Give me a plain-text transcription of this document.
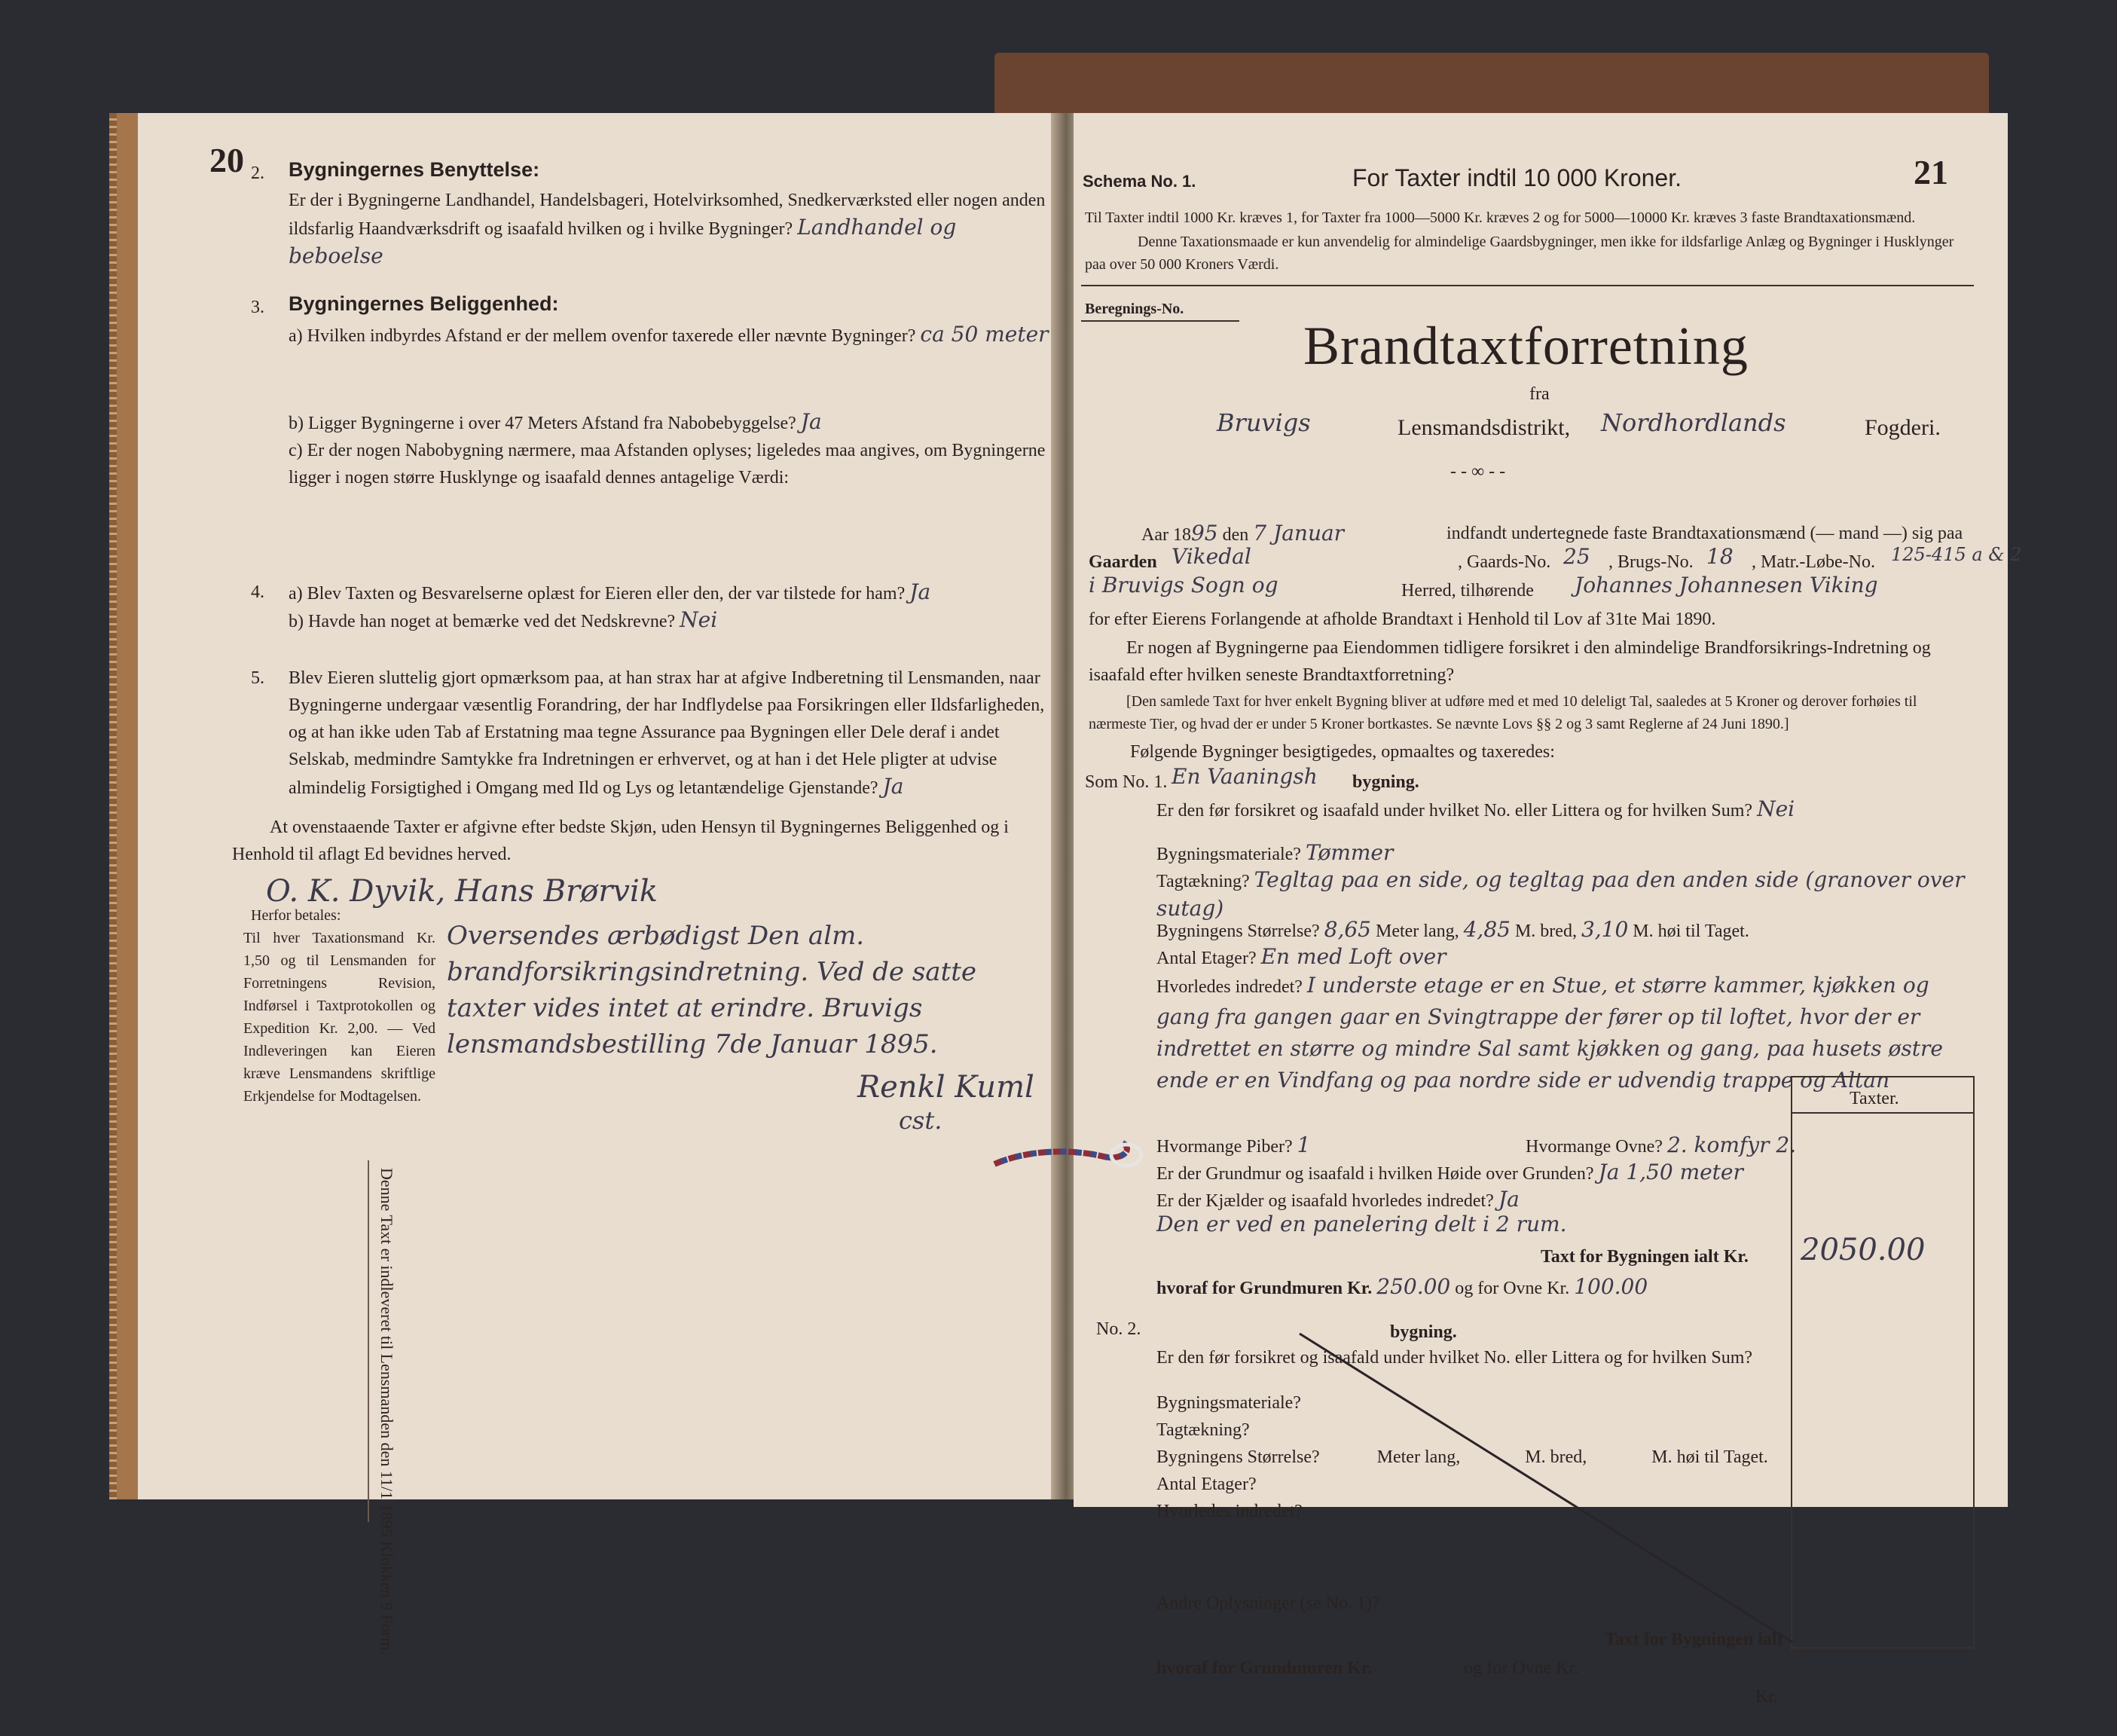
20 2. Bygningernes Benyttelse:
Er der i Bygningerne Landhandel, Handelsbageri, Hotelvirksomhed, Snedkerværksted eller nogen anden ildsfarlig Haandværksdrift og isaafald hvilken og i hvilke Bygninger? Landhandel og beboelse
3. Bygningernes Beliggenhed:
a) Hvilken indbyrdes Afstand er der mellem ovenfor taxerede eller nævnte Bygninger? ca 50 meter
b) Ligger Bygningerne i over 47 Meters Afstand fra Nabobebyggelse? Ja
c) Er der nogen Nabobygning nærmere, maa Afstanden oplyses; ligeledes maa angives, om Bygningerne ligger i nogen større Husklynge og isaafald dennes antagelige Værdi:
4. a) Blev Taxten og Besvarelserne oplæst for Eieren eller den, der var tilstede for ham? Ja
b) Havde han noget at bemærke ved det Nedskrevne? Nei
5. Blev Eieren sluttelig gjort opmærksom paa, at han strax har at afgive Indberetning til Lensmanden, naar Bygningerne undergaar væsentlig Forandring, der har Indflydelse paa Forsikringen eller Ildsfarligheden, og at han ikke uden Tab af Erstatning maa tegne Assurance paa Bygningen eller Dele deraf i andet Selskab, medmindre Samtykke fra Indretningen er erhvervet, og at han i det Hele pligter at udvise almindelig Forsigtighed i Omgang med Ild og Lys og letantændelige Gjenstande? Ja
At ovenstaaende Taxter er afgivne efter bedste Skjøn, uden Hensyn til Bygningernes Beliggenhed og i Henhold til aflagt Ed bevidnes herved.
O. K. Dyvik, Hans Brørvik
Herfor betales:
Til hver Taxationsmand Kr. 1,50 og til Lensmanden for Forretningens Revision, Indførsel i Taxtprotokollen og Expedition Kr. 2,00. — Ved Indleveringen kan Eieren kræve Lensmandens skriftlige Erkjendelse for Modtagelsen.
Oversendes ærbødigst Den alm. brandforsikringsindretning. Ved de satte taxter vides intet at erindre. Bruvigs lensmandsbestilling 7de Januar 1895.
Renkl Kuml
cst.
Denne Taxt er indleveret til Lensmanden den 11/1 1895 Klokken 9 Form.
Schema No. 1.	For Taxter indtil 10 000 Kroner.	21
Til Taxter indtil 1000 Kr. kræves 1, for Taxter fra 1000—5000 Kr. kræves 2 og for 5000—10000 Kr. kræves 3 faste Brandtaxationsmænd.
Denne Taxationsmaade er kun anvendelig for almindelige Gaardsbygninger, men ikke for ildsfarlige Anlæg og Bygninger i Husklynger paa over 50 000 Kroners Værdi.
Beregnings-No.
Brandtaxtforretning
fra
Bruvigs	Lensmandsdistrikt, Nordhordlands	Fogderi.
- - ∞ - -
Aar 1895 den 7 Januar	indfandt undertegnede faste Brandtaxationsmænd (— mand —) sig paa
Gaarden Vikedal	, Gaards-No. 25 , Brugs-No. 18 , Matr.-Løbe-No. 125-415 a & 2
i Bruvigs Sogn og	Herred, tilhørende Johannes Johannesen Viking
for efter Eierens Forlangende at afholde Brandtaxt i Henhold til Lov af 31te Mai 1890.
Er nogen af Bygningerne paa Eiendommen tidligere forsikret i den almindelige Brandforsikrings-Indretning og isaafald efter hvilken seneste Brandtaxtforretning?
[Den samlede Taxt for hver enkelt Bygning bliver at udføre med et med 10 deleligt Tal, saaledes at 5 Kroner og derover forhøies til nærmeste Tier, og hvad der er under 5 Kroner bortkastes. Se nævnte Lovs §§ 2 og 3 samt Reglerne af 24 Juni 1890.]
Følgende Bygninger besigtigedes, opmaaltes og taxeredes:
Som No. 1. En Vaaningsh bygning.
Er den før forsikret og isaafald under hvilket No. eller Littera og for hvilken Sum? Nei
Bygningsmateriale? Tømmer
Tagtækning? Tegltag paa en side, og tegltag paa den anden side (granover over sutag)
Bygningens Størrelse? 8,65 Meter lang, 4,85 M. bred, 3,10 M. høi til Taget.
Antal Etager? En med Loft over
Hvorledes indredet? I underste etage er en Stue, et større kammer, kjøkken og gang fra gangen gaar en Svingtrappe der fører op til loftet, hvor der er indrettet en større og mindre Sal samt kjøkken og gang, paa husets østre ende er en Vindfang og paa nordre side er udvendig trappe og Altan
Hvormange Piber? 1	Hvormange Ovne? 2. komfyr 2.
Er der Grundmur og isaafald i hvilken Høide over Grunden? Ja 1,50 meter
Er der Kjælder og isaafald hvorledes indredet? Ja
Den er ved en panelering delt i 2 rum.
Taxt for Bygningen ialt Kr.
hvoraf for Grundmuren Kr. 250.00 og for Ovne Kr. 100.00
Taxter.
2050.00
No. 2.	bygning.
Er den før forsikret og isaafald under hvilket No. eller Littera og for hvilken Sum?
Bygningsmateriale?
Tagtækning?
Bygningens Størrelse?	Meter lang,	M. bred,	M. høi til Taget.
Antal Etager?
Hvorledes indredet?
Andre Oplysninger (se No. 1)?
Taxt for Bygningen ialt
hvoraf for Grundmuren Kr.	og for Ovne Kr.
Kr.
